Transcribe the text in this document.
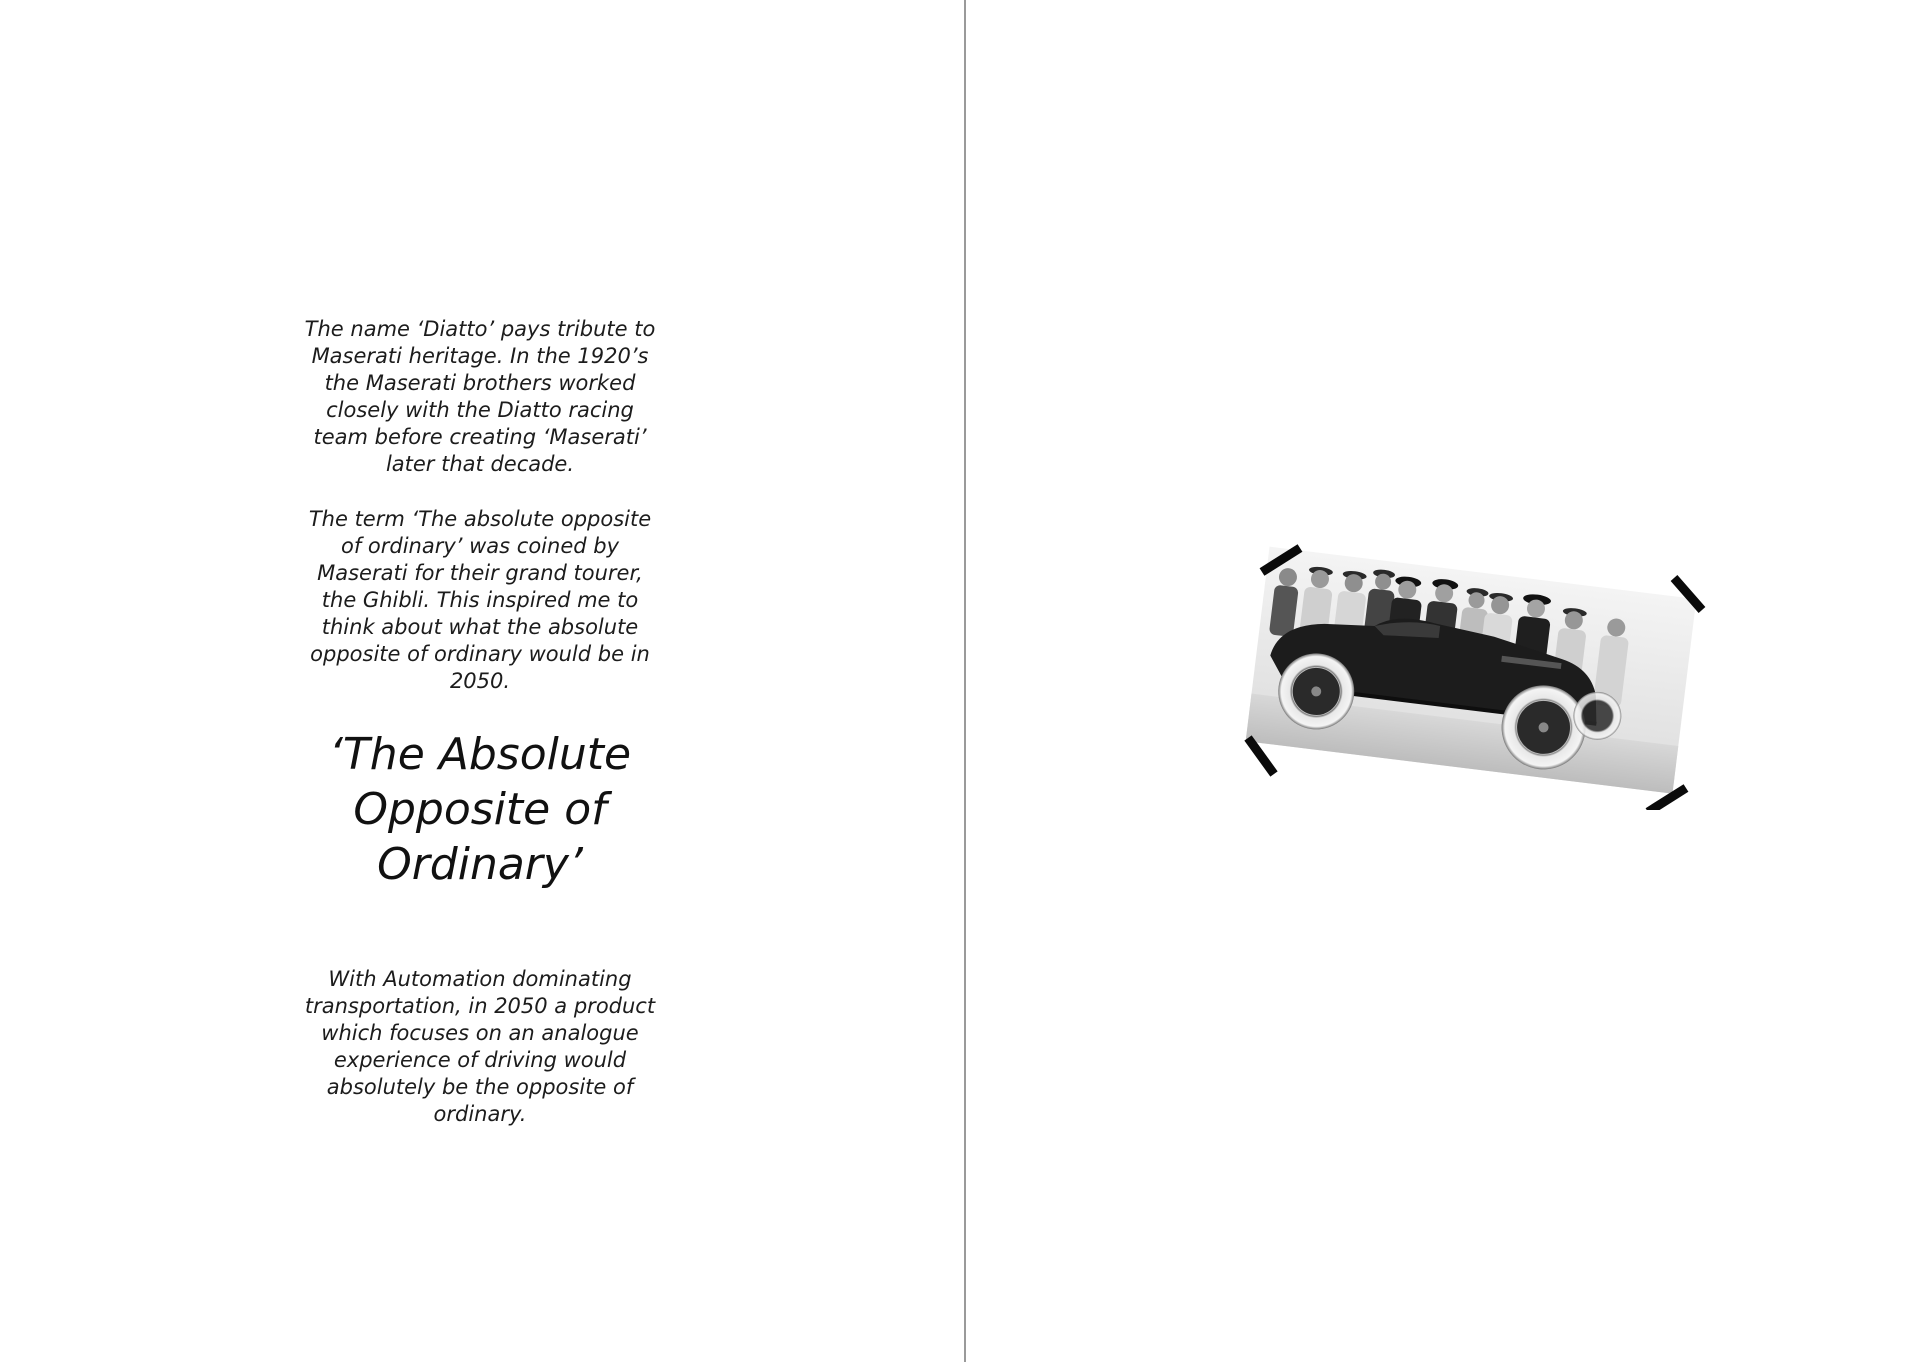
The name ‘Diatto’ pays tribute to Maserati heritage. In the 1920’s the Maserati brothers worked closely with the Diatto racing team before creating ‘Maserati’ later that decade.
The term ‘The absolute opposite of ordinary’ was coined by Maserati for their grand tourer, the Ghibli. This inspired me to think about what the absolute opposite of ordinary would be in 2050.
‘The Absolute Opposite of Ordinary’
With Automation dominating transportation, in 2050 a product which focuses on an analogue experience of driving would absolutely be the opposite of ordinary.
